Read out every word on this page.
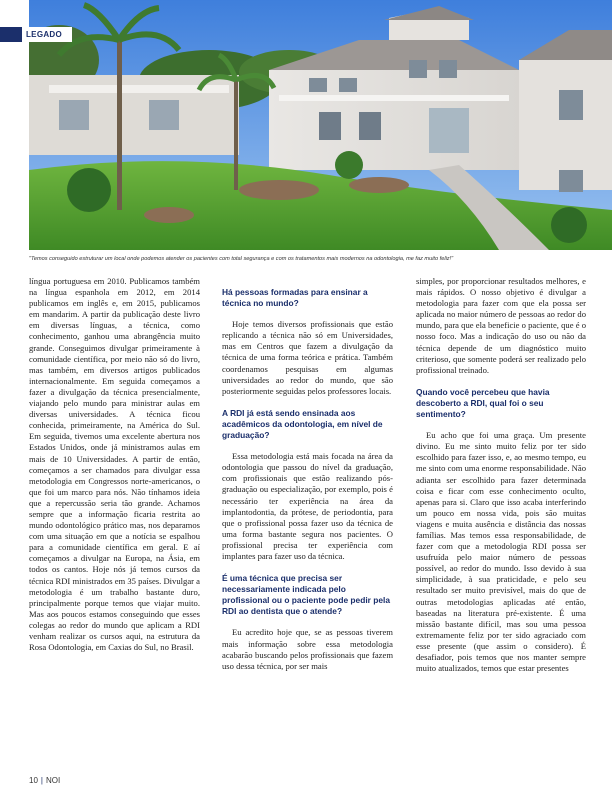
LEGADO
"Temos conseguido estruturar um local onde podemos atender os pacientes com total segurança e com os tratamentos mais modernos na odontologia, me faz muito feliz!"

língua portuguesa em 2010. Publicamos também na língua espanhola em 2012, em 2014 publicamos em inglês e, em 2015, publicamos em mandarim. A partir da publicação deste livro em diversas línguas, a técnica, como conhecimento, ganhou uma abrangência muito grande. Conseguimos divulgar primeiramente à comunidade científica, por meio não só do livro, mas também, em diversos artigos publicados internacionalmente. Em seguida começamos a fazer a divulgação da técnica presencialmente, viajando pelo mundo para ministrar aulas em diversas universidades. A técnica ficou conhecida, primeiramente, na América do Sul. Em seguida, tivemos uma excelente abertura nos Estados Unidos, onde já ministramos aulas em mais de 10 Universidades. A partir de então, começamos a ser chamados para divulgar essa metodologia em Congressos norte-americanos, o que foi um marco para nós. Não tínhamos ideia que a repercussão seria tão grande. Achamos sempre que a informação ficaria restrita ao mundo odontológico prático mas, nos deparamos com uma situação em que a notícia se espalhou para a comunidade científica em geral. E aí começamos a divulgar na Europa, na Ásia, em todos os cantos. Hoje nós já temos cursos da técnica RDI ministrados em 35 países. Divulgar a metodologia é um trabalho bastante duro, principalmente porque temos que viajar muito. Mas aos poucos estamos conseguindo que esses colegas ao redor do mundo que aplicam a RDI venham realizar os cursos aqui, na estrutura da Rosa Odontologia, em Caxias do Sul, no Brasil.

Há pessoas formadas para ensinar a técnica no mundo?

Hoje temos diversos profissionais que estão replicando a técnica não só em Universidades, mas em Centros que fazem a divulgação da técnica de uma forma teórica e prática. Também coordenamos pesquisas em algumas universidades ao redor do mundo, que são posteriormente seguidas pelos professores locais.

A RDI já está sendo ensinada aos acadêmicos da odontologia, em nível de graduação?

Essa metodologia está mais focada na área da odontologia que passou do nível da graduação, com profissionais que estão realizando pós-graduação ou especialização, por exemplo, pois é necessário ter experiência na área da implantodontia, da prótese, de periodontia, para que o profissional possa fazer uso da técnica de uma forma bastante segura nos pacientes. O profissional precisa ter experiência com implantes para fazer uso da técnica.

É uma técnica que precisa ser necessariamente indicada pelo profissional ou o paciente pode pedir pela RDI ao dentista que o atende?

Eu acredito hoje que, se as pessoas tiverem mais informação sobre essa metodologia acabarão buscando pelos profissionais que fazem uso dessa técnica, por ser mais

simples, por proporcionar resultados melhores, e mais rápidos. O nosso objetivo é divulgar a metodologia para fazer com que ela possa ser aplicada no maior número de pessoas ao redor do mundo, para que ela beneficie o paciente, que é o nosso foco. Mas a indicação do uso ou não da técnica depende de um diagnóstico muito criterioso, que somente poderá ser realizado pelo profissional treinado.

Quando você percebeu que havia descoberto a RDI, qual foi o seu sentimento?

Eu acho que foi uma graça. Um presente divino. Eu me sinto muito feliz por ter sido escolhido para fazer isso, e, ao mesmo tempo, eu me sinto com uma enorme responsabilidade. Não adianta ser escolhido para fazer determinada coisa e ficar com esse conhecimento oculto, apenas para si. Claro que isso acaba interferindo um pouco em nossa vida, pois são muitas viagens e muita ausência e distância das nossas famílias. Mas temos essa responsabilidade, de fazer com que a metodologia RDI possa ser usufruída pelo maior número de pessoas possível, ao redor do mundo. Isso devido à sua simplicidade, à sua praticidade, e pelo seu resultado ser muito previsível, mais do que de outras metodologias aplicadas até então, baseadas na literatura pré-existente. É uma missão bastante difícil, mas sou uma pessoa extremamente feliz por ter sido agraciado com esse presente (que assim o considero). É desafiador, pois temos que nos manter sempre muito atualizados, temos que estar presentes

10 | NOI
